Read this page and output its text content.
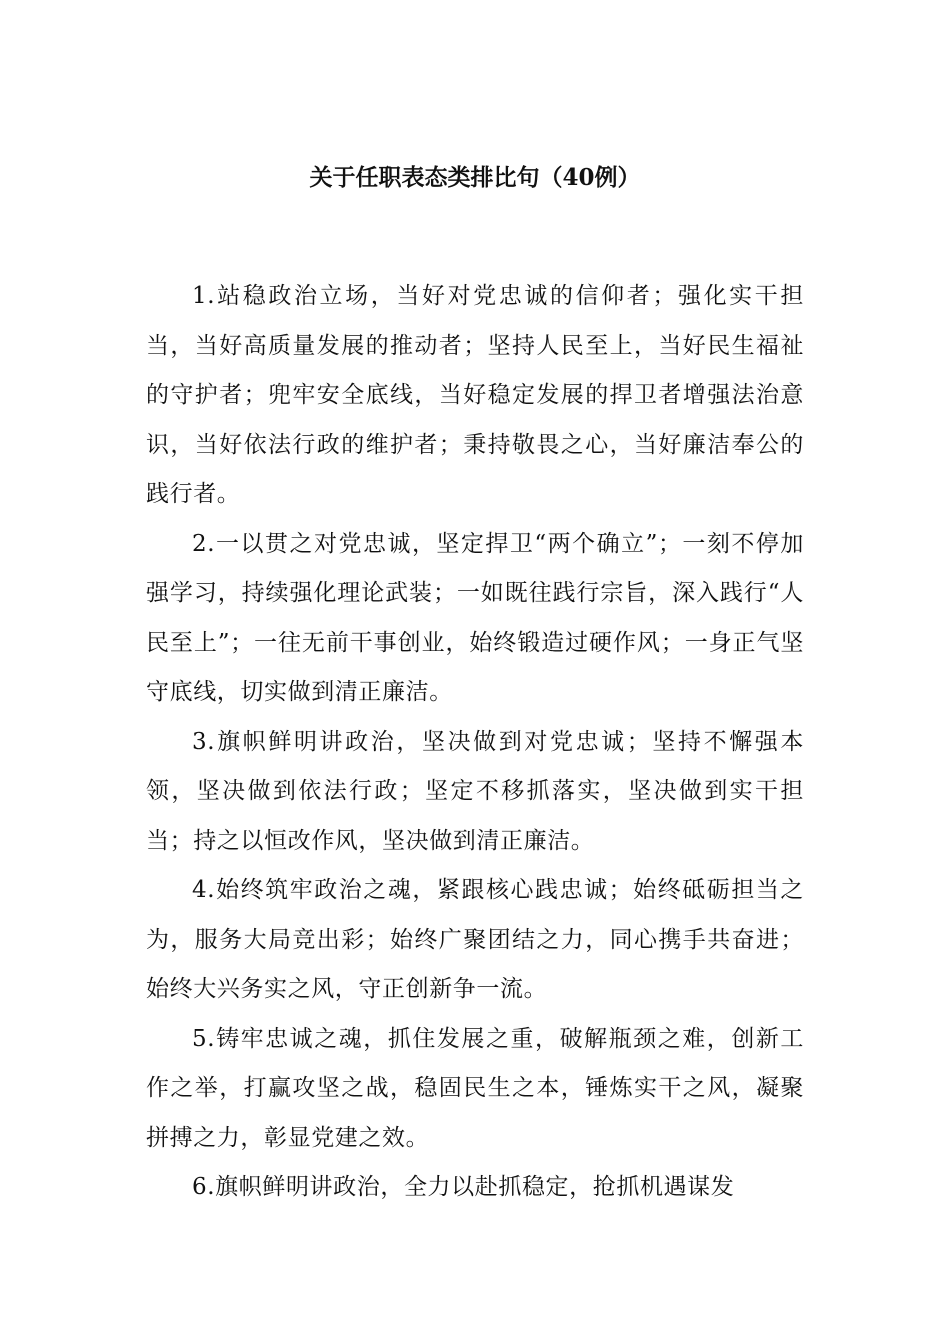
关于任职表态类排比句（40例）

1.站稳政治立场，当好对党忠诚的信仰者；强化实干担当，当好高质量发展的推动者；坚持人民至上，当好民生福祉的守护者；兜牢安全底线，当好稳定发展的捍卫者增强法治意识，当好依法行政的维护者；秉持敬畏之心，当好廉洁奉公的践行者。

2.一以贯之对党忠诚，坚定捍卫“两个确立”；一刻不停加强学习，持续强化理论武装；一如既往践行宗旨，深入践行“人民至上”；一往无前干事创业，始终锻造过硬作风；一身正气坚守底线，切实做到清正廉洁。

3.旗帜鲜明讲政治，坚决做到对党忠诚；坚持不懈强本领，坚决做到依法行政；坚定不移抓落实，坚决做到实干担当；持之以恒改作风，坚决做到清正廉洁。

4.始终筑牢政治之魂，紧跟核心践忠诚；始终砥砺担当之为，服务大局竞出彩；始终广聚团结之力，同心携手共奋进；始终大兴务实之风，守正创新争一流。

5.铸牢忠诚之魂，抓住发展之重，破解瓶颈之难，创新工作之举，打赢攻坚之战，稳固民生之本，锤炼实干之风，凝聚拼搏之力，彰显党建之效。

6.旗帜鲜明讲政治，全力以赴抓稳定，抢抓机遇谋发
